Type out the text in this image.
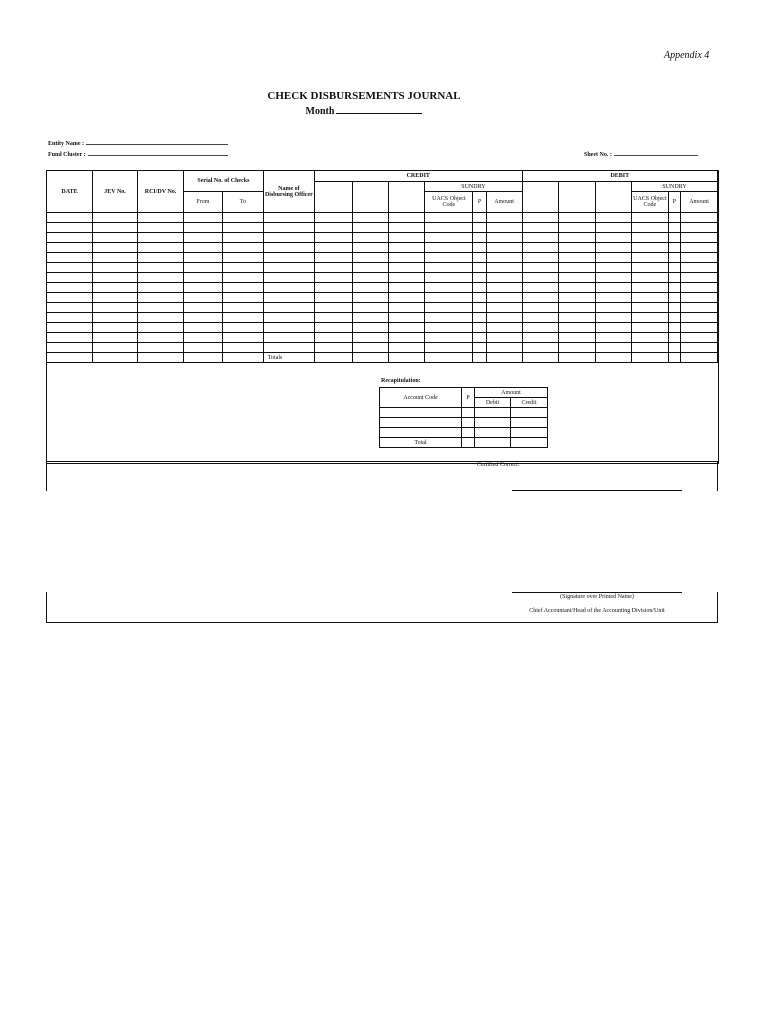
Appendix 4
CHECK DISBURSEMENTS JOURNAL
Month
Entity Name :
Fund Cluster :	Sheet No. :
DATE	JEV No.	RCI/DV No.	Serial No. of Checks		Name of Disbursing Officer	CREDIT						DEBIT					
									SUNDRY						SUNDRY		
			From	To					UACS Object Code	P	Amount				UACS Object Code	P	Amount

					Totals												
Recapitulation:
Account Code	P	Amount	
		Debit	Credit

Total			
Certified Correct:
(Signature over Printed Name)
Chief Accountant/Head of the Accounting Division/Unit
